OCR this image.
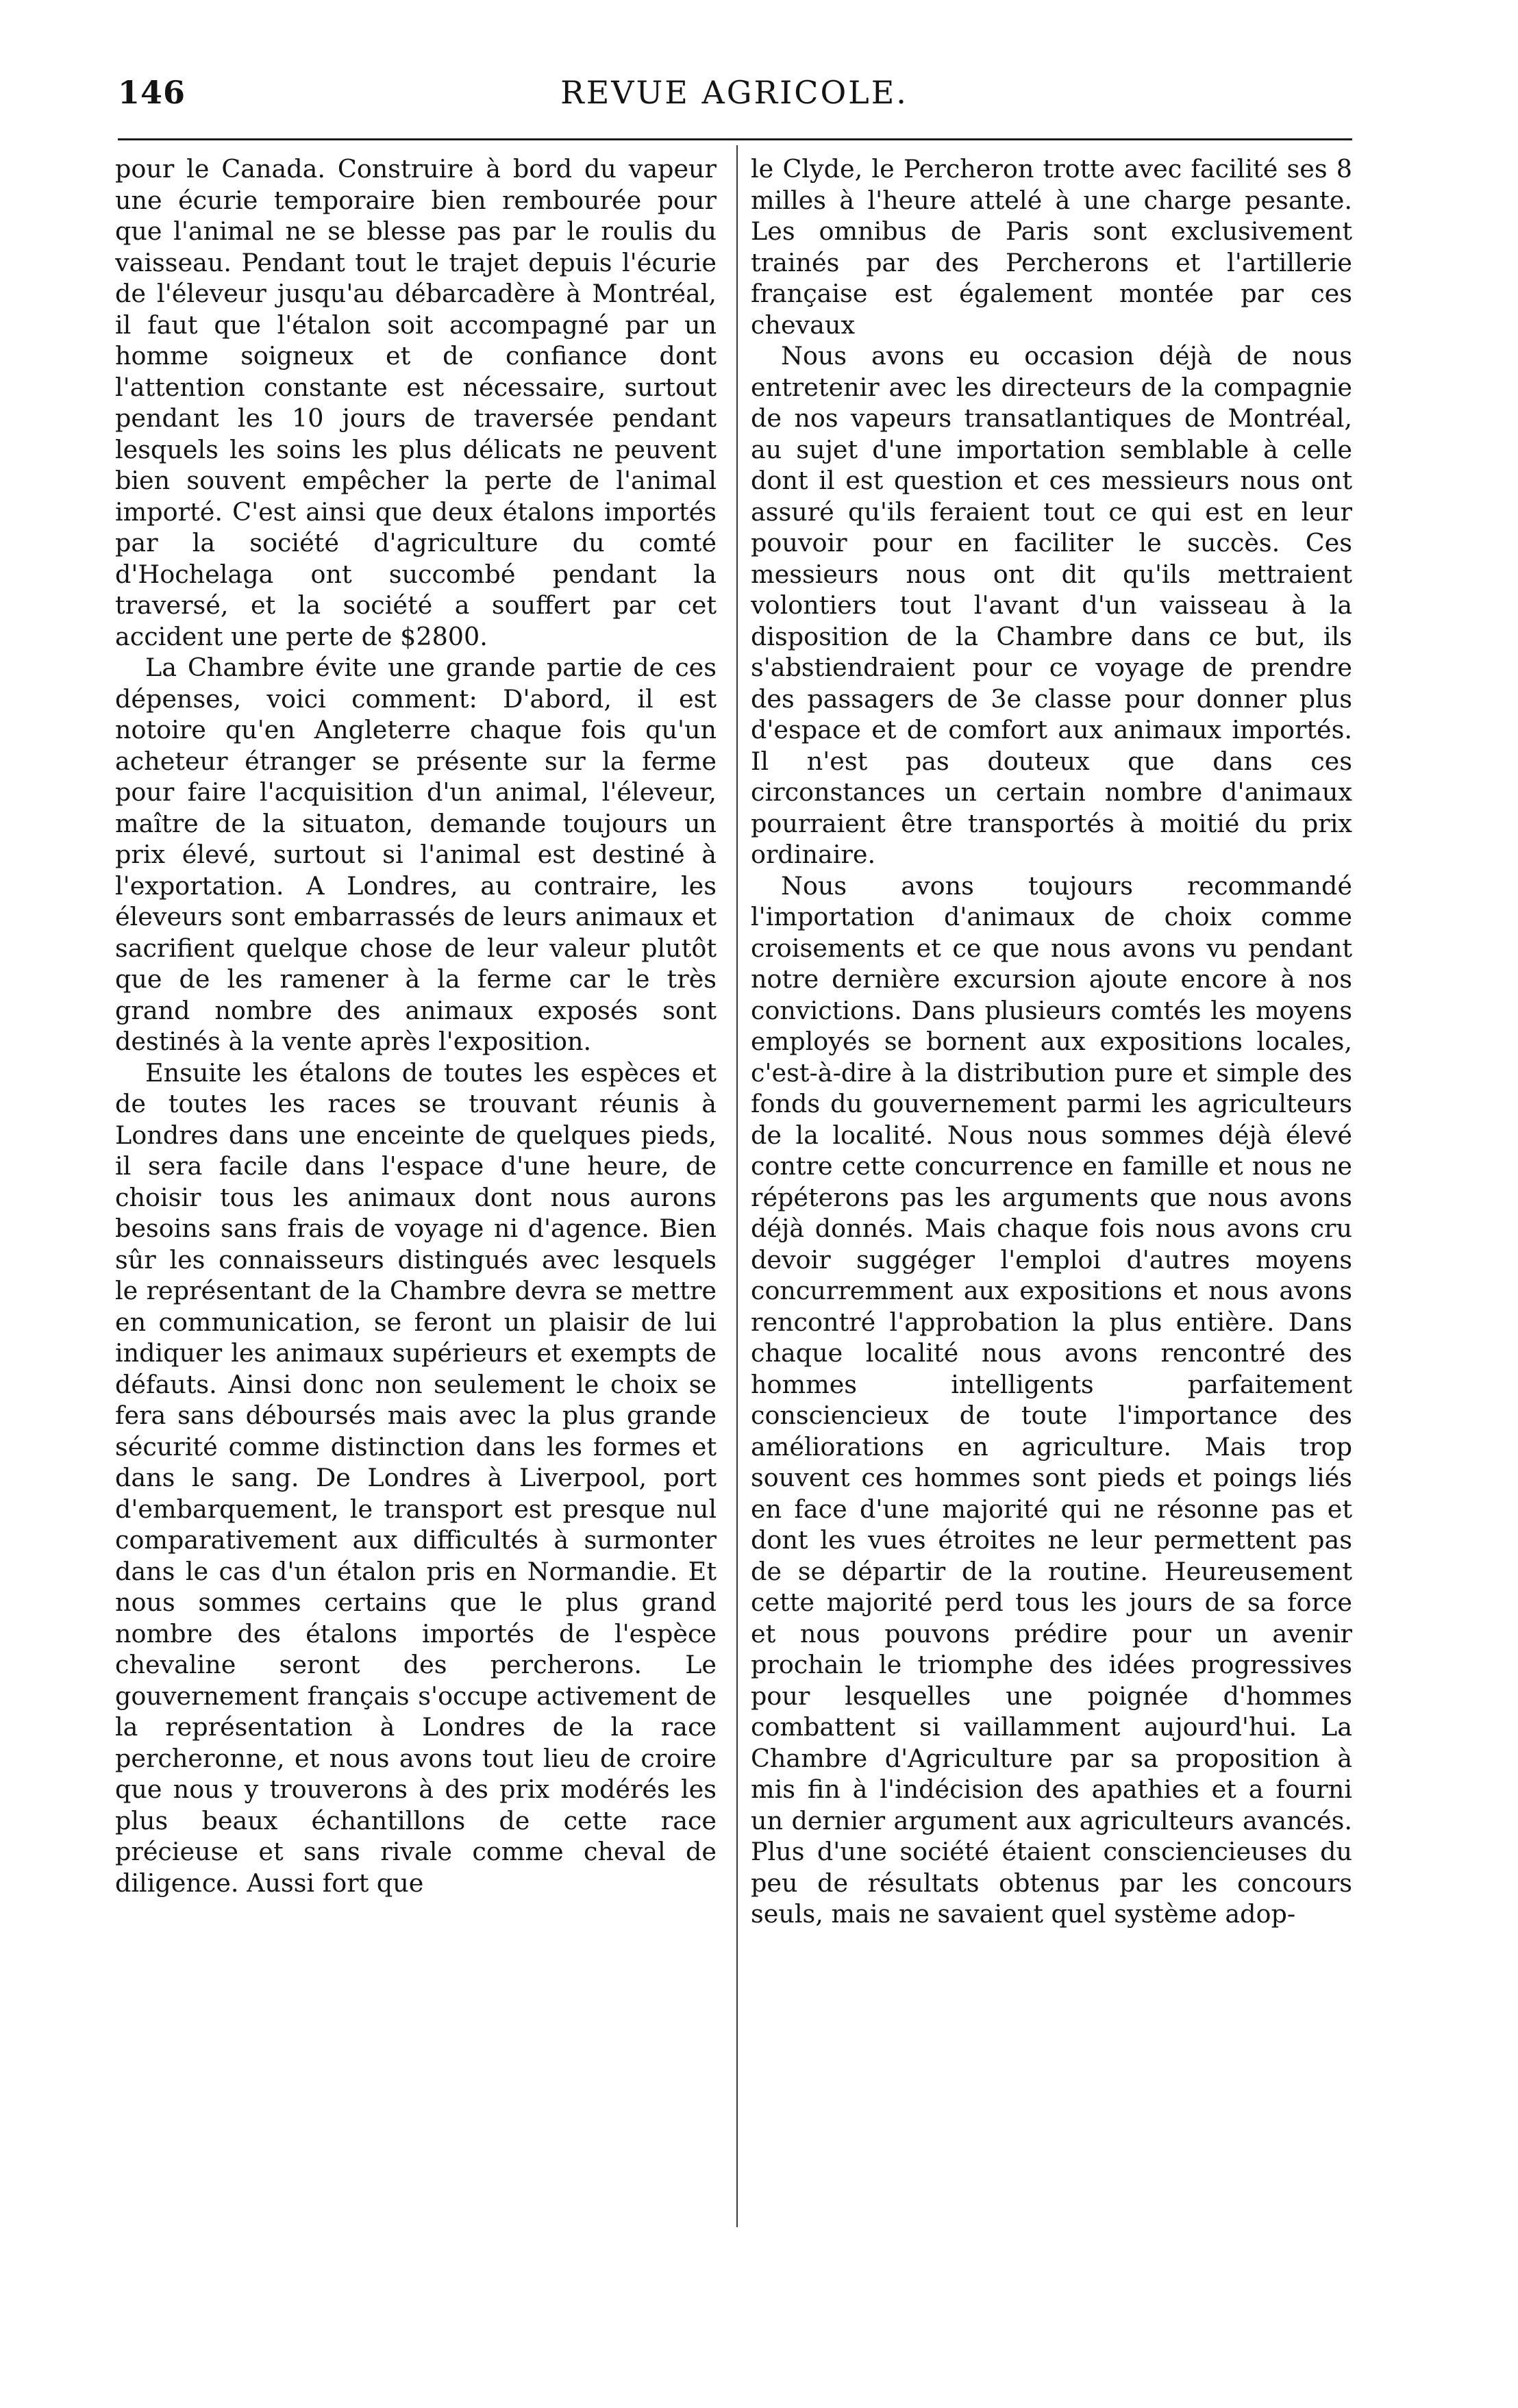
146	REVUE AGRICOLE.

pour le Canada. Construire à bord du vapeur une écurie temporaire bien rembourée pour que l'animal ne se blesse pas par le roulis du vaisseau. Pendant tout le trajet depuis l'écurie de l'éleveur jusqu'au débarcadère à Montréal, il faut que l'étalon soit accompagné par un homme soigneux et de confiance dont l'attention constante est nécessaire, surtout pendant les 10 jours de traversée pendant lesquels les soins les plus délicats ne peuvent bien souvent empêcher la perte de l'animal importé. C'est ainsi que deux étalons importés par la société d'agriculture du comté d'Hochelaga ont succombé pendant la traversé, et la société a souffert par cet accident une perte de $2800.

La Chambre évite une grande partie de ces dépenses, voici comment: D'abord, il est notoire qu'en Angleterre chaque fois qu'un acheteur étranger se présente sur la ferme pour faire l'acquisition d'un animal, l'éleveur, maître de la situaton, demande toujours un prix élevé, surtout si l'animal est destiné à l'exportation. A Londres, au contraire, les éleveurs sont embarrassés de leurs animaux et sacrifient quelque chose de leur valeur plutôt que de les ramener à la ferme car le très grand nombre des animaux exposés sont destinés à la vente après l'exposition.

Ensuite les étalons de toutes les espèces et de toutes les races se trouvant réunis à Londres dans une enceinte de quelques pieds, il sera facile dans l'espace d'une heure, de choisir tous les animaux dont nous aurons besoins sans frais de voyage ni d'agence. Bien sûr les connaisseurs distingués avec lesquels le représentant de la Chambre devra se mettre en communication, se feront un plaisir de lui indiquer les animaux supérieurs et exempts de défauts. Ainsi donc non seulement le choix se fera sans déboursés mais avec la plus grande sécurité comme distinction dans les formes et dans le sang. De Londres à Liverpool, port d'embarquement, le transport est presque nul comparativement aux difficultés à surmonter dans le cas d'un étalon pris en Normandie. Et nous sommes certains que le plus grand nombre des étalons importés de l'espèce chevaline seront des percherons. Le gouvernement français s'occupe activement de la représentation à Londres de la race percheronne, et nous avons tout lieu de croire que nous y trouverons à des prix modérés les plus beaux échantillons de cette race précieuse et sans rivale comme cheval de diligence. Aussi fort que

le Clyde, le Percheron trotte avec facilité ses 8 milles à l'heure attelé à une charge pesante. Les omnibus de Paris sont exclusivement trainés par des Percherons et l'artillerie française est également montée par ces chevaux

Nous avons eu occasion déjà de nous entretenir avec les directeurs de la compagnie de nos vapeurs transatlantiques de Montréal, au sujet d'une importation semblable à celle dont il est question et ces messieurs nous ont assuré qu'ils feraient tout ce qui est en leur pouvoir pour en faciliter le succès. Ces messieurs nous ont dit qu'ils mettraient volontiers tout l'avant d'un vaisseau à la disposition de la Chambre dans ce but, ils s'abstiendraient pour ce voyage de prendre des passagers de 3e classe pour donner plus d'espace et de comfort aux animaux importés. Il n'est pas douteux que dans ces circonstances un certain nombre d'animaux pourraient être transportés à moitié du prix ordinaire.

Nous avons toujours recommandé l'importation d'animaux de choix comme croisements et ce que nous avons vu pendant notre dernière excursion ajoute encore à nos convictions. Dans plusieurs comtés les moyens employés se bornent aux expositions locales, c'est-à-dire à la distribution pure et simple des fonds du gouvernement parmi les agriculteurs de la localité. Nous nous sommes déjà élevé contre cette concurrence en famille et nous ne répéterons pas les arguments que nous avons déjà donnés. Mais chaque fois nous avons cru devoir suggéger l'emploi d'autres moyens concurremment aux expositions et nous avons rencontré l'approbation la plus entière. Dans chaque localité nous avons rencontré des hommes intelligents parfaitement consciencieux de toute l'importance des améliorations en agriculture. Mais trop souvent ces hommes sont pieds et poings liés en face d'une majorité qui ne résonne pas et dont les vues étroites ne leur permettent pas de se départir de la routine. Heureusement cette majorité perd tous les jours de sa force et nous pouvons prédire pour un avenir prochain le triomphe des idées progressives pour lesquelles une poignée d'hommes combattent si vaillamment aujourd'hui. La Chambre d'Agriculture par sa proposition à mis fin à l'indécision des apathies et a fourni un dernier argument aux agriculteurs avancés. Plus d'une société étaient consciencieuses du peu de résultats obtenus par les concours seuls, mais ne savaient quel système adop-
